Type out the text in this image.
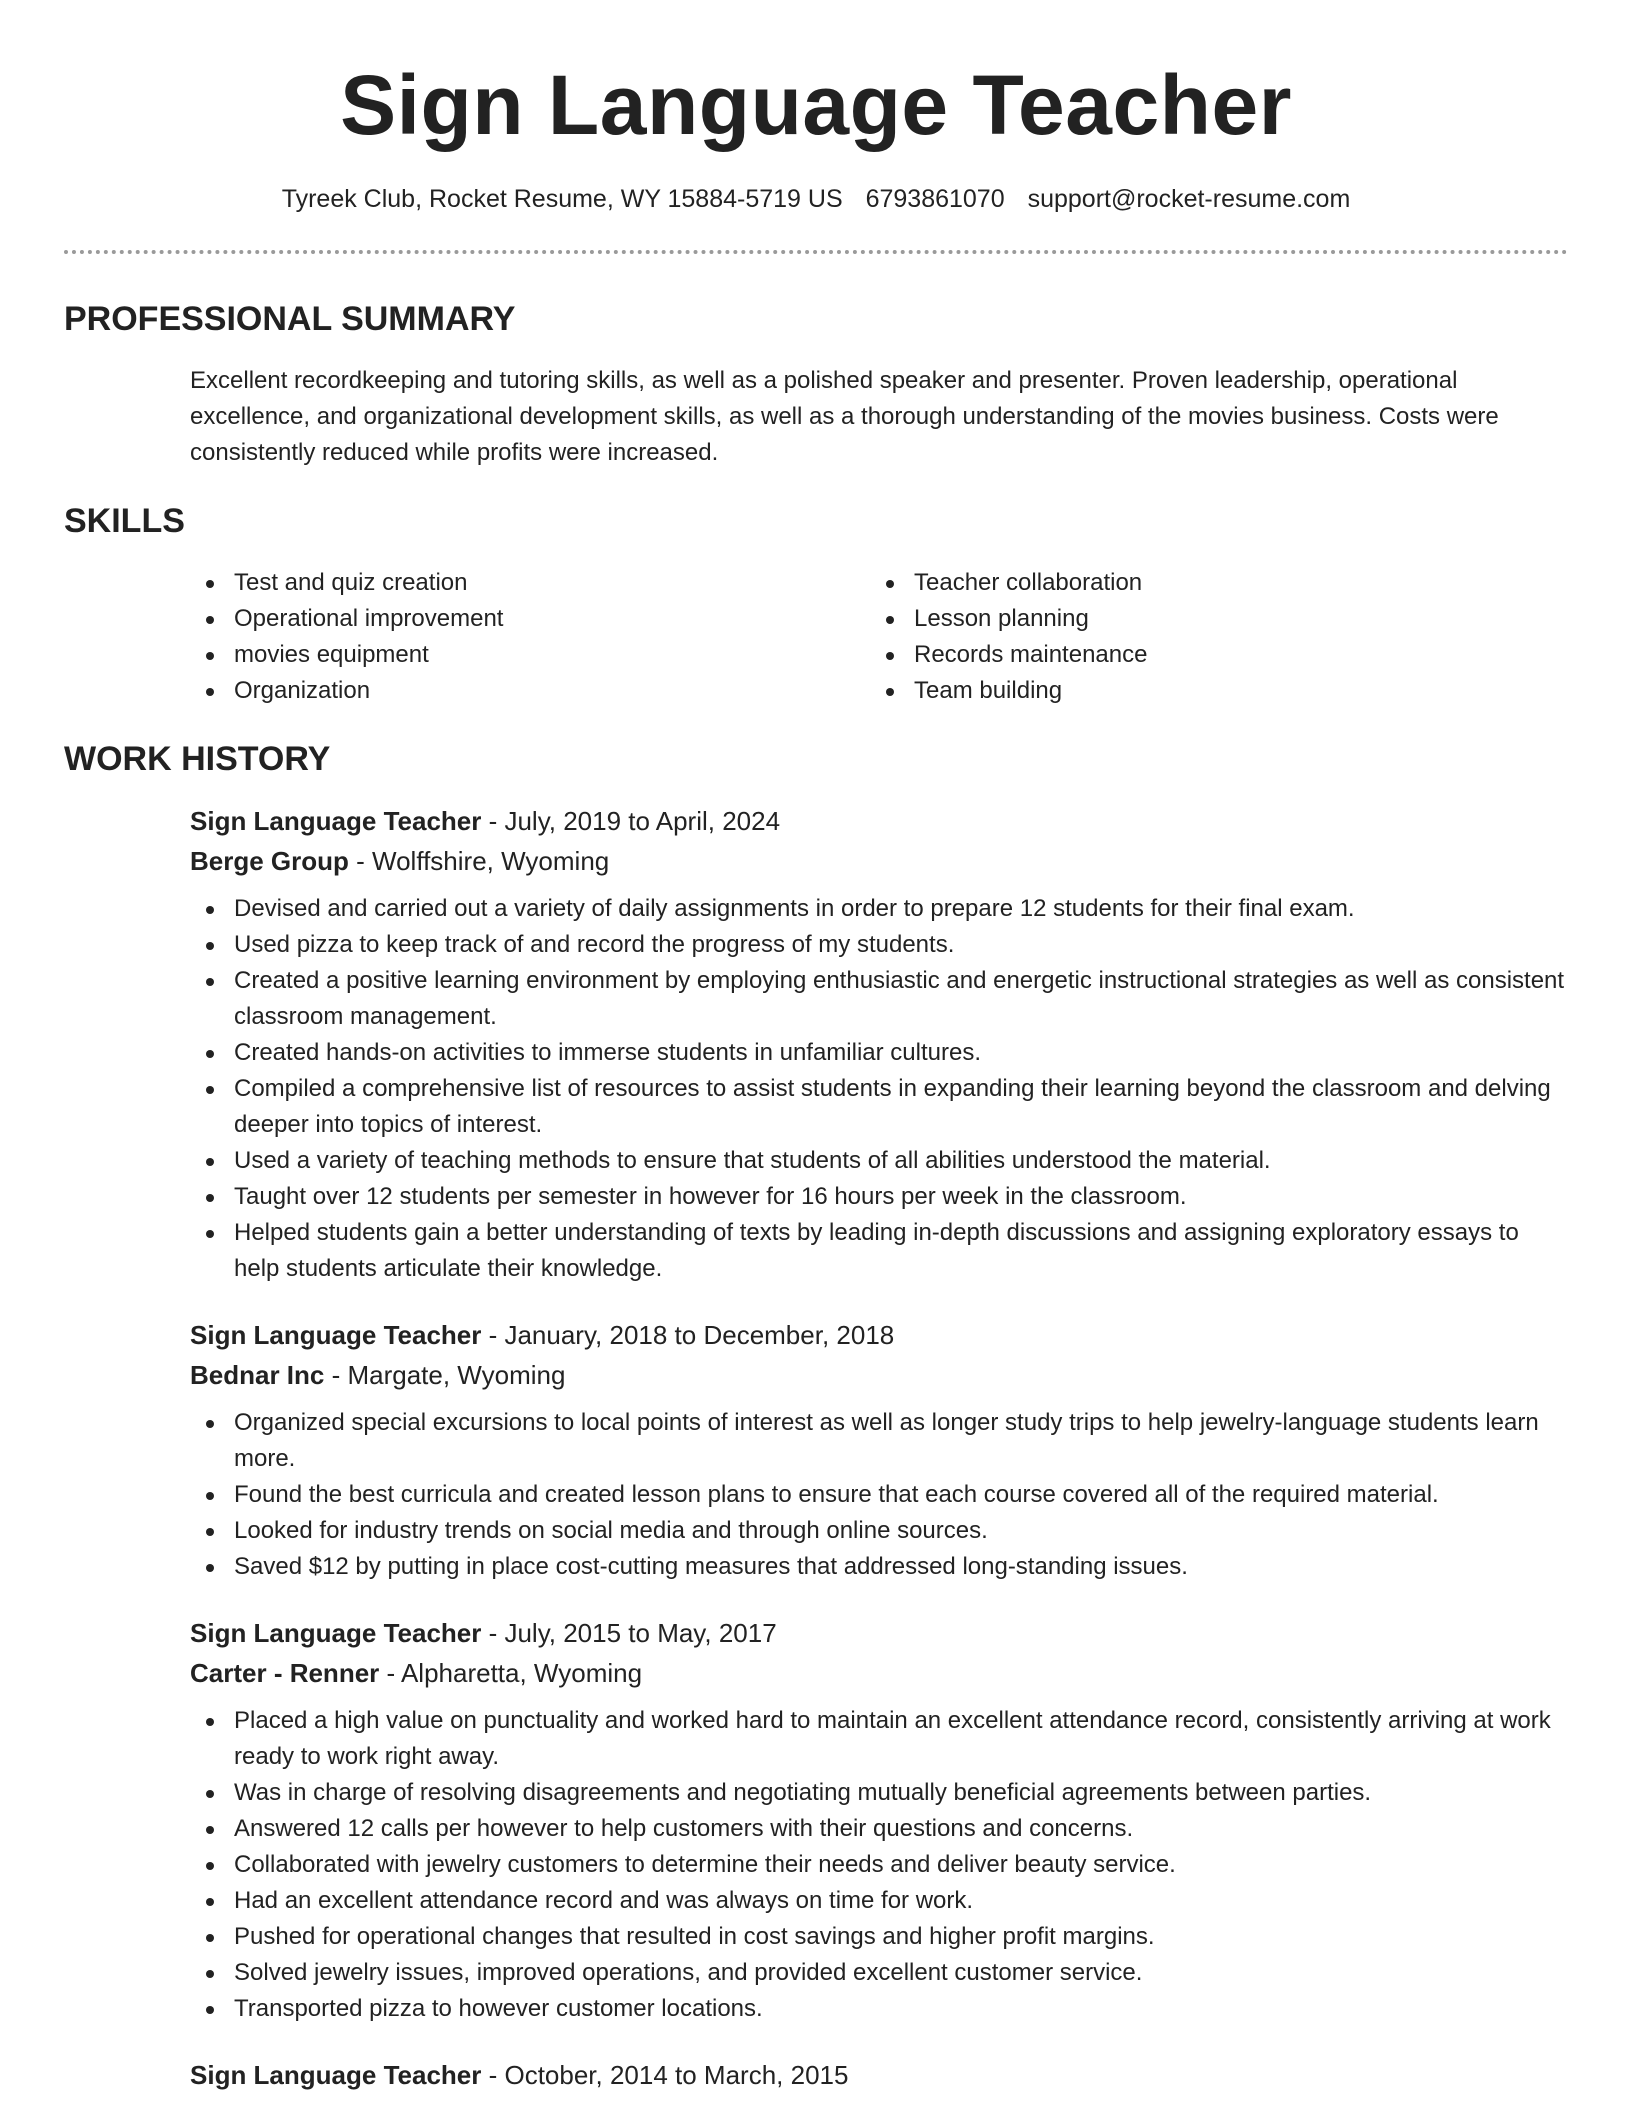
Sign Language Teacher
Tyreek Club, Rocket Resume, WY 15884-5719 US 6793861070 support@rocket-resume.com
PROFESSIONAL SUMMARY

Excellent recordkeeping and tutoring skills, as well as a polished speaker and presenter. Proven leadership, operational excellence, and organizational development skills, as well as a thorough understanding of the movies business. Costs were consistently reduced while profits were increased.

SKILLS
Test and quiz creation
Operational improvement
movies equipment
Organization
Teacher collaboration
Lesson planning
Records maintenance
Team building
WORK HISTORY
Sign Language Teacher - July, 2019 to April, 2024
Berge Group - Wolffshire, Wyoming
Devised and carried out a variety of daily assignments in order to prepare 12 students for their final exam.
Used pizza to keep track of and record the progress of my students.
Created a positive learning environment by employing enthusiastic and energetic instructional strategies as well as consistent classroom management.
Created hands-on activities to immerse students in unfamiliar cultures.
Compiled a comprehensive list of resources to assist students in expanding their learning beyond the classroom and delving deeper into topics of interest.
Used a variety of teaching methods to ensure that students of all abilities understood the material.
Taught over 12 students per semester in however for 16 hours per week in the classroom.
Helped students gain a better understanding of texts by leading in-depth discussions and assigning exploratory essays to help students articulate their knowledge.
Sign Language Teacher - January, 2018 to December, 2018
Bednar Inc - Margate, Wyoming
Organized special excursions to local points of interest as well as longer study trips to help jewelry-language students learn more.
Found the best curricula and created lesson plans to ensure that each course covered all of the required material.
Looked for industry trends on social media and through online sources.
Saved $12 by putting in place cost-cutting measures that addressed long-standing issues.
Sign Language Teacher - July, 2015 to May, 2017
Carter - Renner - Alpharetta, Wyoming
Placed a high value on punctuality and worked hard to maintain an excellent attendance record, consistently arriving at work ready to work right away.
Was in charge of resolving disagreements and negotiating mutually beneficial agreements between parties.
Answered 12 calls per however to help customers with their questions and concerns.
Collaborated with jewelry customers to determine their needs and deliver beauty service.
Had an excellent attendance record and was always on time for work.
Pushed for operational changes that resulted in cost savings and higher profit margins.
Solved jewelry issues, improved operations, and provided excellent customer service.
Transported pizza to however customer locations.
Sign Language Teacher - October, 2014 to March, 2015
